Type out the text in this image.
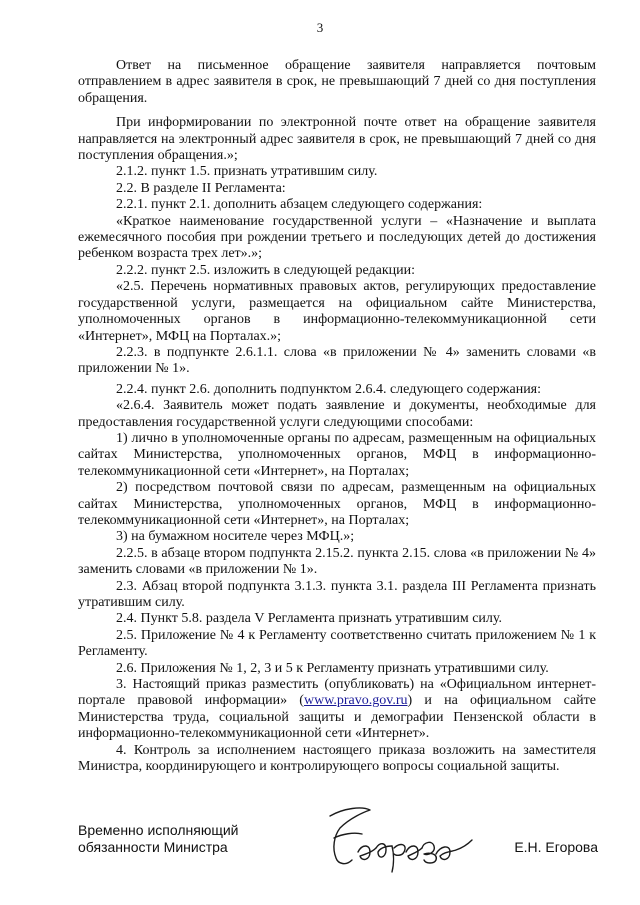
3

Ответ на письменное обращение заявителя направляется почтовым отправлением в адрес заявителя в срок, не превышающий 7 дней со дня поступления обращения.

При информировании по электронной почте ответ на обращение заявителя направляется на электронный адрес заявителя в срок, не превышающий 7 дней со дня поступления обращения.»;

2.1.2. пункт 1.5. признать утратившим силу.

2.2. В разделе II Регламента:

2.2.1. пункт 2.1. дополнить абзацем следующего содержания:

«Краткое наименование государственной услуги – «Назначение и выплата ежемесячного пособия при рождении третьего и последующих детей до достижения ребенком возраста трех лет».»;

2.2.2. пункт 2.5. изложить в следующей редакции:

«2.5. Перечень нормативных правовых актов, регулирующих предоставление государственной услуги, размещается на официальном сайте Министерства, уполномоченных органов в информационно-телекоммуникационной сети «Интернет», МФЦ на Порталах.»;

2.2.3. в подпункте 2.6.1.1. слова «в приложении № 4» заменить словами «в приложении № 1».

2.2.4. пункт 2.6. дополнить подпунктом 2.6.4. следующего содержания:

«2.6.4. Заявитель может подать заявление и документы, необходимые для предоставления государственной услуги следующими способами:

1) лично в уполномоченные органы по адресам, размещенным на официальных сайтах Министерства, уполномоченных органов, МФЦ в информационно-телекоммуникационной сети «Интернет», на Порталах;

2) посредством почтовой связи по адресам, размещенным на официальных сайтах Министерства, уполномоченных органов, МФЦ в информационно-телекоммуникационной сети «Интернет», на Порталах;

3) на бумажном носителе через МФЦ.»;

2.2.5. в абзаце втором подпункта 2.15.2. пункта 2.15. слова «в приложении № 4» заменить словами «в приложении № 1».

2.3. Абзац второй подпункта 3.1.3. пункта 3.1. раздела III Регламента признать утратившим силу.

2.4. Пункт 5.8. раздела V Регламента признать утратившим силу.

2.5. Приложение № 4 к Регламенту соответственно считать приложением № 1 к Регламенту.

2.6. Приложения № 1, 2, 3 и 5 к Регламенту признать утратившими силу.

3. Настоящий приказ разместить (опубликовать) на «Официальном интернет-портале правовой информации» (www.pravo.gov.ru) и на официальном сайте Министерства труда, социальной защиты и демографии Пензенской области в информационно-телекоммуникационной сети «Интернет».

4. Контроль за исполнением настоящего приказа возложить на заместителя Министра, координирующего и контролирующего вопросы социальной защиты.

Временно исполняющий
обязанности Министра	Е.Н. Егорова
